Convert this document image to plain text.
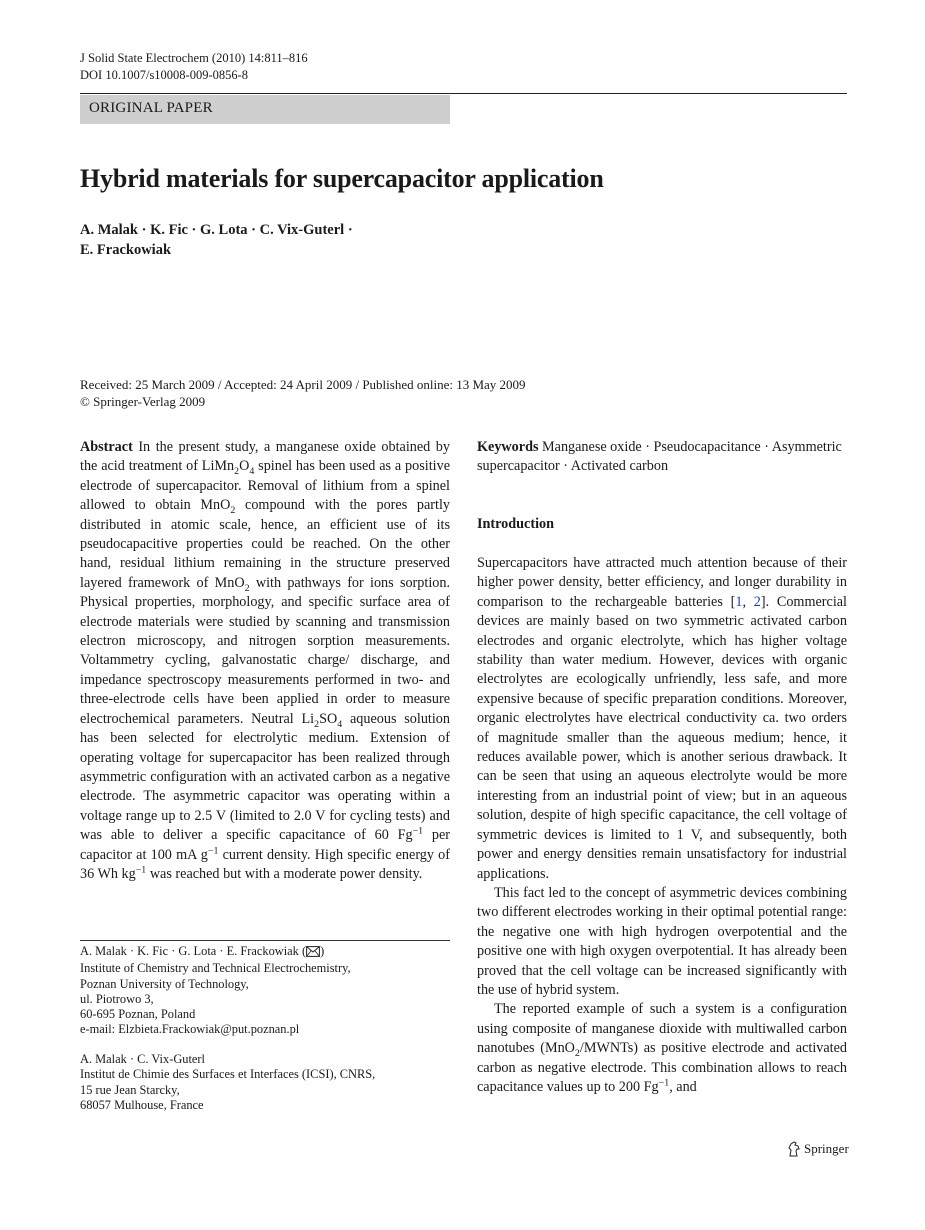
J Solid State Electrochem (2010) 14:811–816
DOI 10.1007/s10008-009-0856-8
ORIGINAL PAPER
Hybrid materials for supercapacitor application
A. Malak · K. Fic · G. Lota · C. Vix-Guterl ·
E. Frackowiak
Received: 25 March 2009 / Accepted: 24 April 2009 / Published online: 13 May 2009
© Springer-Verlag 2009

Abstract In the present study, a manganese oxide obtained by the acid treatment of $LiMn_2O_4$ spinel has been used as a positive electrode of supercapacitor. Removal of lithium from a spinel allowed to obtain MnO$_2$ compound with the pores partly distributed in atomic scale, hence, an efficient use of its pseudocapacitive properties could be reached. On the other hand, residual lithium remaining in the structure preserved layered framework of MnO$_2$ with pathways for ions sorption. Physical properties, morphology, and specific surface area of electrode materials were studied by scanning and transmission electron microscopy, and nitrogen sorption measurements. Voltammetry cycling, galvanostatic charge/ discharge, and impedance spectroscopy measurements performed in two- and three-electrode cells have been applied in order to measure electrochemical parameters. Neutral $Li_2SO_4$ aqueous solution has been selected for electrolytic medium. Extension of operating voltage for supercapacitor has been realized through asymmetric configuration with an activated carbon as a negative electrode. The asymmetric capacitor was operating within a voltage range up to 2.5 V (limited to 2.0 V for cycling tests) and was able to deliver a specific capacitance of 60 $Fg^{-1}$ per capacitor at 100 mA $g^{-1}$ current density. High specific energy of 36 Wh $kg^{-1}$ was reached but with a moderate power density.

A. Malak · K. Fic · G. Lota · E. Frackowiak ( )
Institute of Chemistry and Technical Electrochemistry,
Poznan University of Technology,
ul. Piotrowo 3,
60-695 Poznan, Poland
e-mail: Elzbieta.Frackowiak@put.poznan.pl
A. Malak · C. Vix-Guterl
Institut de Chimie des Surfaces et Interfaces (ICSI), CNRS,
15 rue Jean Starcky,
68057 Mulhouse, France

Keywords Manganese oxide · Pseudocapacitance · Asymmetric supercapacitor · Activated carbon

Introduction

Supercapacitors have attracted much attention because of their higher power density, better efficiency, and longer durability in comparison to the rechargeable batteries [1, 2]. Commercial devices are mainly based on two symmetric activated carbon electrodes and organic electrolyte, which has higher voltage stability than water medium. However, devices with organic electrolytes are ecologically unfriendly, less safe, and more expensive because of specific preparation conditions. Moreover, organic electrolytes have electrical conductivity ca. two orders of magnitude smaller than the aqueous medium; hence, it reduces available power, which is another serious drawback. It can be seen that using an aqueous electrolyte would be more interesting from an industrial point of view; but in an aqueous solution, despite of high specific capacitance, the cell voltage of symmetric devices is limited to 1 V, and subsequently, both power and energy densities remain unsatisfactory for industrial applications.

This fact led to the concept of asymmetric devices combining two different electrodes working in their optimal potential range: the negative one with high hydrogen overpotential and the positive one with high oxygen overpotential. It has already been proved that the cell voltage can be increased significantly with the use of hybrid system.

The reported example of such a system is a configuration using composite of manganese dioxide with multiwalled carbon nanotubes (MnO$_2$/MWNTs) as positive electrode and activated carbon as negative electrode. This combination allows to reach capacitance values up to 200 $Fg^{-1}$, and

Springer
